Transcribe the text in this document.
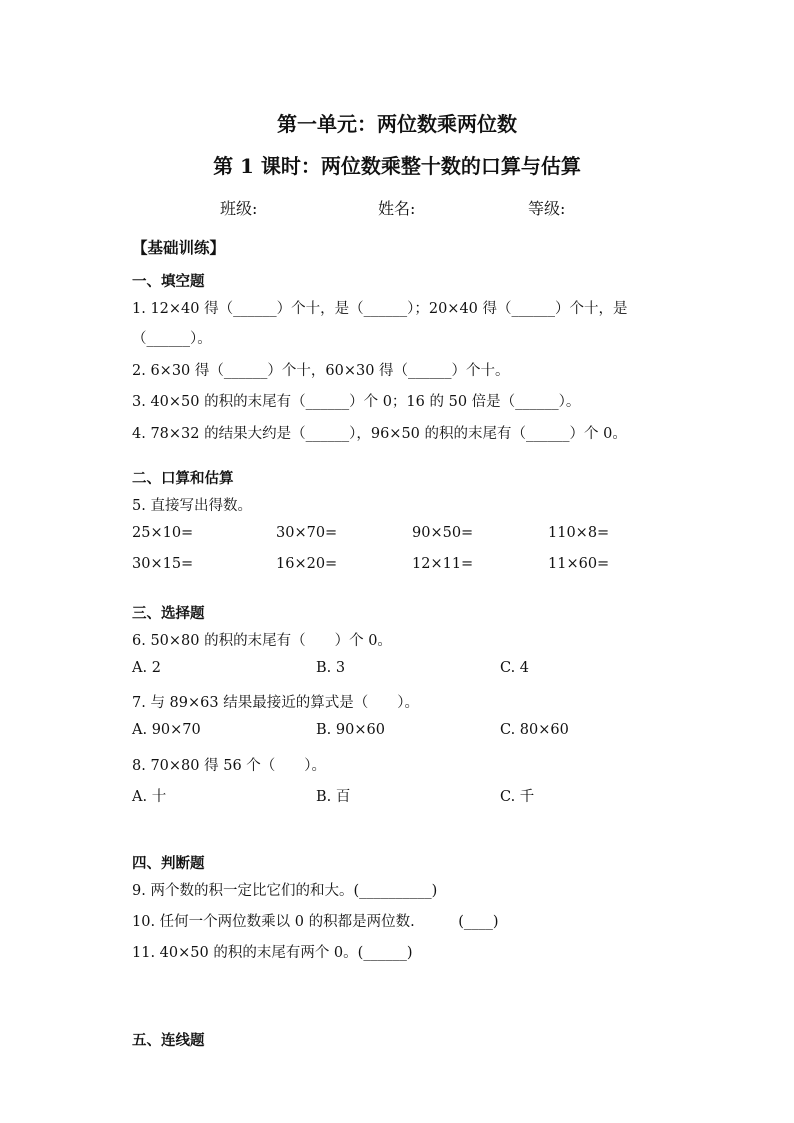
第一单元：两位数乘两位数
第 1 课时：两位数乘整十数的口算与估算
班级:	姓名:	等级:
【基础训练】
一、填空题
1. 12×40 得（______）个十，是（______）；20×40 得（______）个十，是
（______）。
2. 6×30 得（______）个十，60×30 得（______）个十。
3. 40×50 的积的末尾有（______）个 0；16 的 50 倍是（______）。
4. 78×32 的结果大约是（______），96×50 的积的末尾有（______）个 0。
二、口算和估算
5. 直接写出得数。
25×10=	30×70=	90×50=	110×8=
30×15=	16×20=	12×11=	11×60=
三、选择题
6. 50×80 的积的末尾有（　　）个 0。
A. 2	B. 3	C. 4
7. 与 89×63 结果最接近的算式是（　　）。
A. 90×70	B. 90×60	C. 80×60
8. 70×80 得 56 个（　　）。
A. 十	B. 百	C. 千
四、判断题
9. 两个数的积一定比它们的和大。(__________)
10. 任何一个两位数乘以 0 的积都是两位数.　　　(____)
11. 40×50 的积的末尾有两个 0。(______)
五、连线题
